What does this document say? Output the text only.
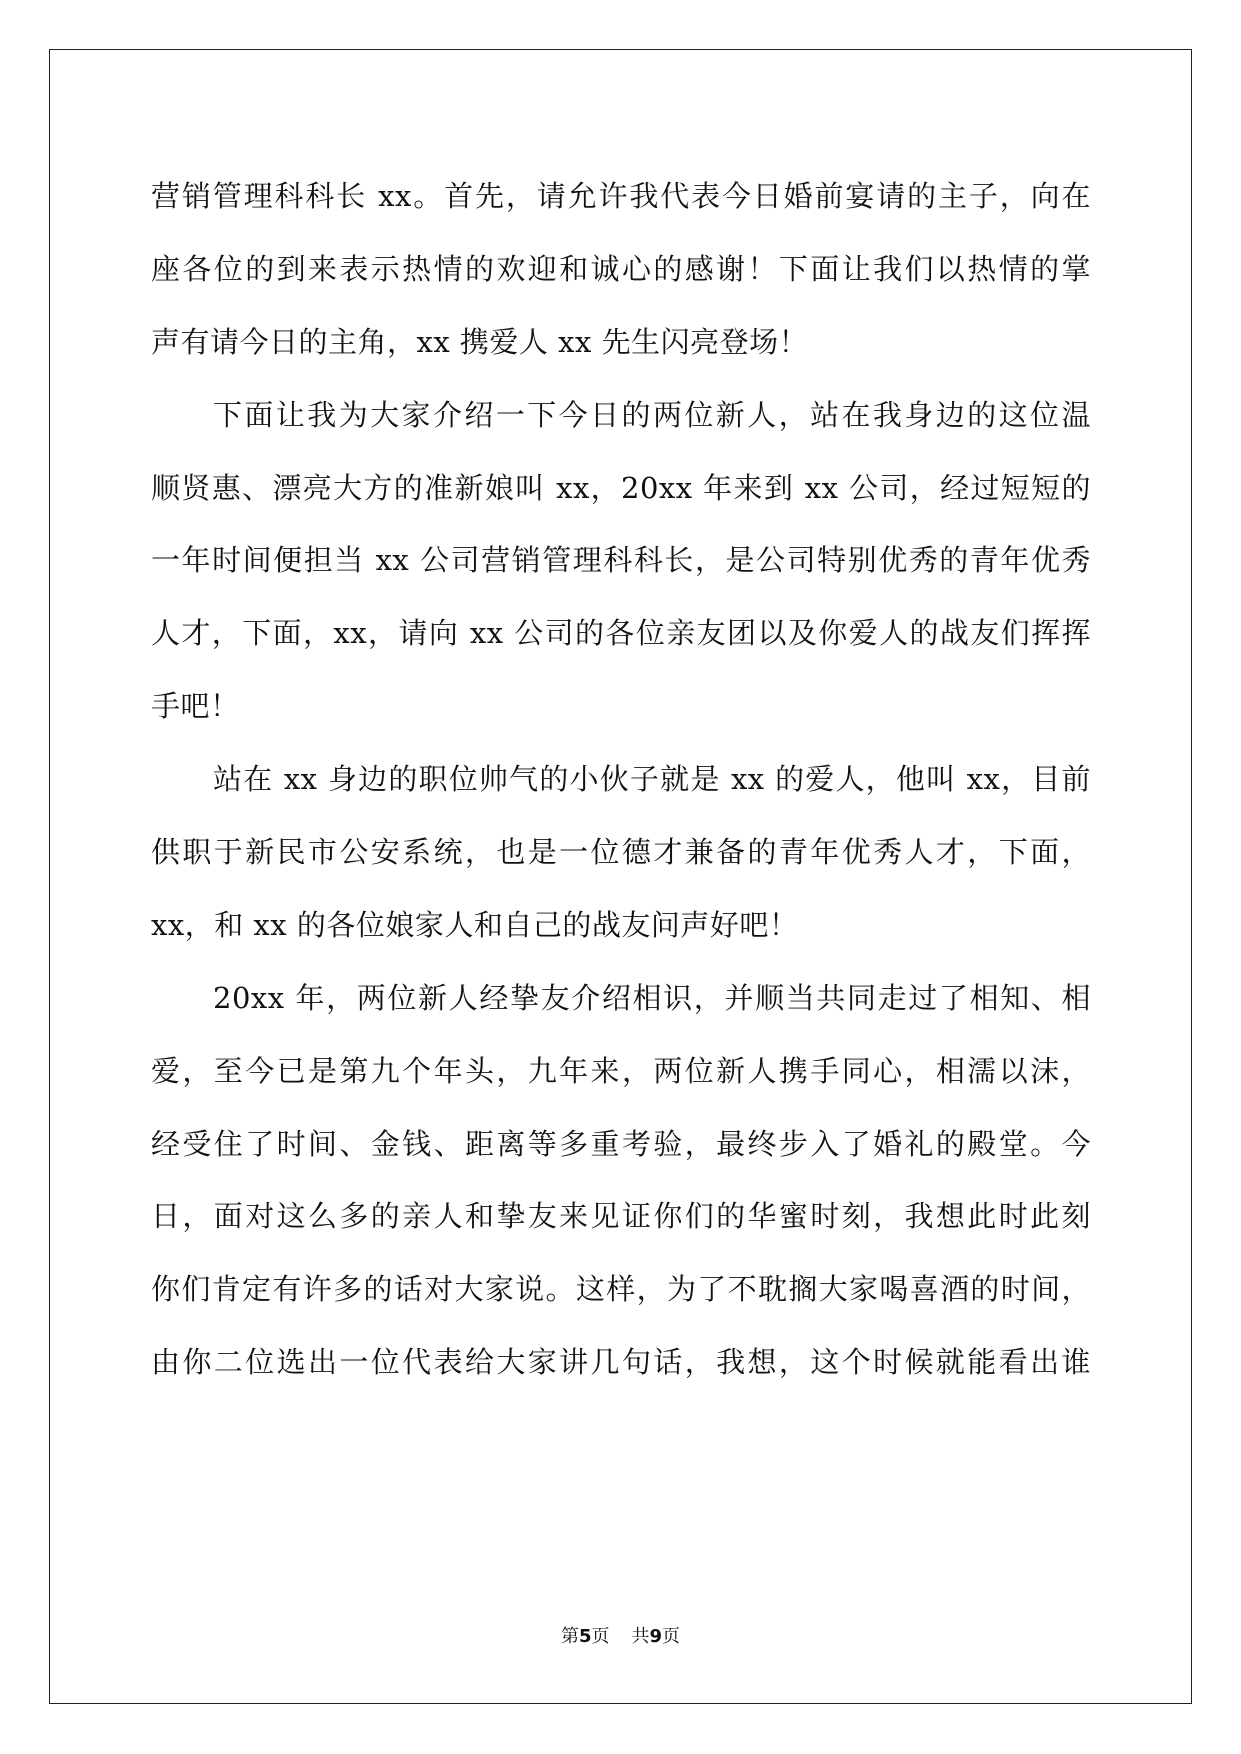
营销管理科科长 xx。首先，请允许我代表今日婚前宴请的主子，向在
座各位的到来表示热情的欢迎和诚心的感谢！下面让我们以热情的掌
声有请今日的主角，xx 携爱人 xx 先生闪亮登场！
下面让我为大家介绍一下今日的两位新人，站在我身边的这位温
顺贤惠、漂亮大方的准新娘叫 xx，20xx 年来到 xx 公司，经过短短的
一年时间便担当 xx 公司营销管理科科长，是公司特别优秀的青年优秀
人才，下面，xx，请向 xx 公司的各位亲友团以及你爱人的战友们挥挥
手吧！
站在 xx 身边的职位帅气的小伙子就是 xx 的爱人，他叫 xx，目前
供职于新民市公安系统，也是一位德才兼备的青年优秀人才，下面，
xx，和 xx 的各位娘家人和自己的战友问声好吧！
20xx 年，两位新人经挚友介绍相识，并顺当共同走过了相知、相
爱，至今已是第九个年头，九年来，两位新人携手同心，相濡以沫，
经受住了时间、金钱、距离等多重考验，最终步入了婚礼的殿堂。今
日，面对这么多的亲人和挚友来见证你们的华蜜时刻，我想此时此刻
你们肯定有许多的话对大家说。这样，为了不耽搁大家喝喜酒的时间，
由你二位选出一位代表给大家讲几句话，我想，这个时候就能看出谁
第5页 共9页
